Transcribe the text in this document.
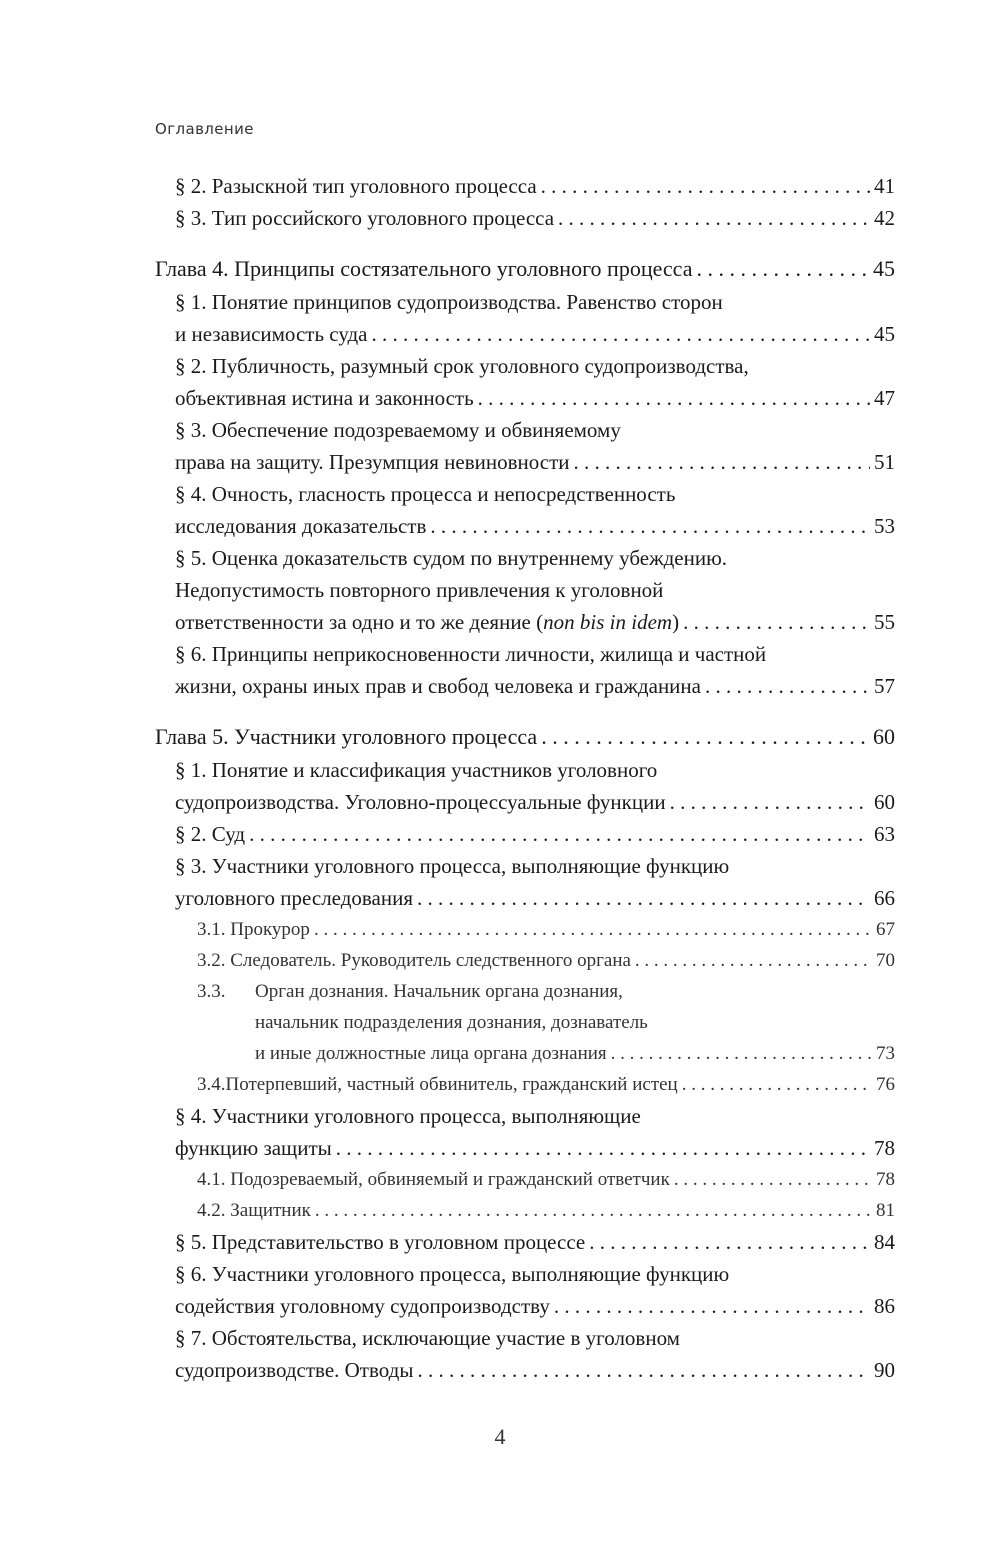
Оглавление
§ 2. Разыскной тип уголовного процесса . . .	41
§ 3. Тип российского уголовного процесса . . .	42
Глава 4. Принципы состязательного уголовного процесса . . .	45
§ 1. Понятие принципов судопроизводства. Равенство сторон
и независимость суда . . .	45
§ 2. Публичность, разумный срок уголовного судопроизводства,
объективная истина и законность . . .	47
§ 3. Обеспечение подозреваемому и обвиняемому
права на защиту. Презумпция невиновности . . .	51
§ 4. Очность, гласность процесса и непосредственность
исследования доказательств . . .	53
§ 5. Оценка доказательств судом по внутреннему убеждению.
Недопустимость повторного привлечения к уголовной
ответственности за одно и то же деяние (non bis in idem) . . .	55
§ 6. Принципы неприкосновенности личности, жилища и частной
жизни, охраны иных прав и свобод человека и гражданина . . .	57
Глава 5. Участники уголовного процесса . . .	60
§ 1. Понятие и классификация участников уголовного
судопроизводства. Уголовно-процессуальные функции . . .	60
§ 2. Суд . . .	63
§ 3. Участники уголовного процесса, выполняющие функцию
уголовного преследования . . .	66
3.1. Прокурор . . .	67
3.2. Следователь. Руководитель следственного органа . . .	70
3.3. Орган дознания. Начальник органа дознания,
начальник подразделения дознания, дознаватель
и иные должностные лица органа дознания . . .	73
3.4.Потерпевший, частный обвинитель, гражданский истец . . .	76
§ 4. Участники уголовного процесса, выполняющие
функцию защиты . . .	78
4.1. Подозреваемый, обвиняемый и гражданский ответчик . . .	78
4.2. Защитник . . .	81
§ 5. Представительство в уголовном процессе . . .	84
§ 6. Участники уголовного процесса, выполняющие функцию
содействия уголовному судопроизводству . . .	86
§ 7. Обстоятельства, исключающие участие в уголовном
судопроизводстве. Отводы . . .	90
4
